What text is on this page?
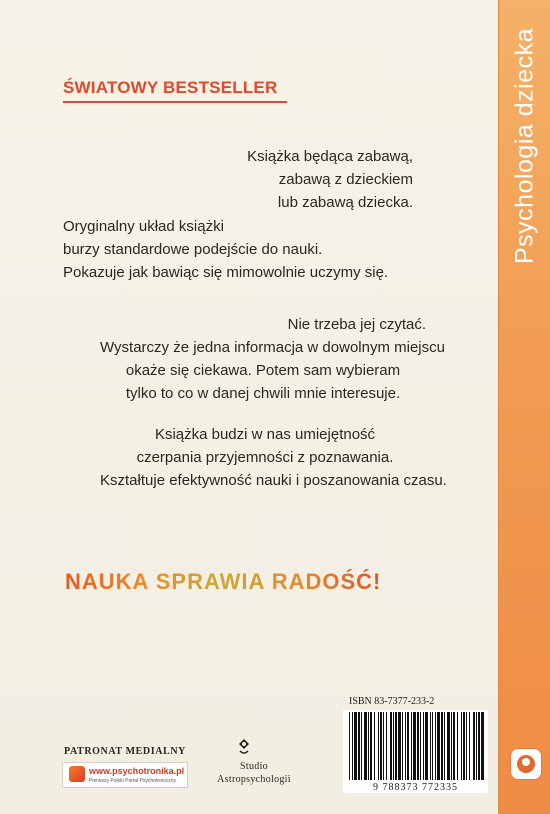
Psychologia dziecka
ŚWIATOWY BESTSELLER
Książka będąca zabawą,
zabawą z dzieckiem
lub zabawą dziecka.
Oryginalny układ książki
burzy standardowe podejście do nauki.
Pokazuje jak bawiąc się mimowolnie uczymy się.
Nie trzeba jej czytać.
Wystarczy że jedna informacja w dowolnym miejscu
okaże się ciekawa. Potem sam wybieram
tylko to co w danej chwili mnie interesuje.
Książka budzi w nas umiejętność
czerpania przyjemności z poznawania.
Kształtuje efektywność nauki i poszanowania czasu.
NAUKA SPRAWIA RADOŚĆ!
PATRONAT MEDIALNY
www.psychotronika.pl
Pierwszy Polski Portal Psychotroniczny
Studio
Astropsychologii
ISBN 83-7377-233-2
9 788373 772335
